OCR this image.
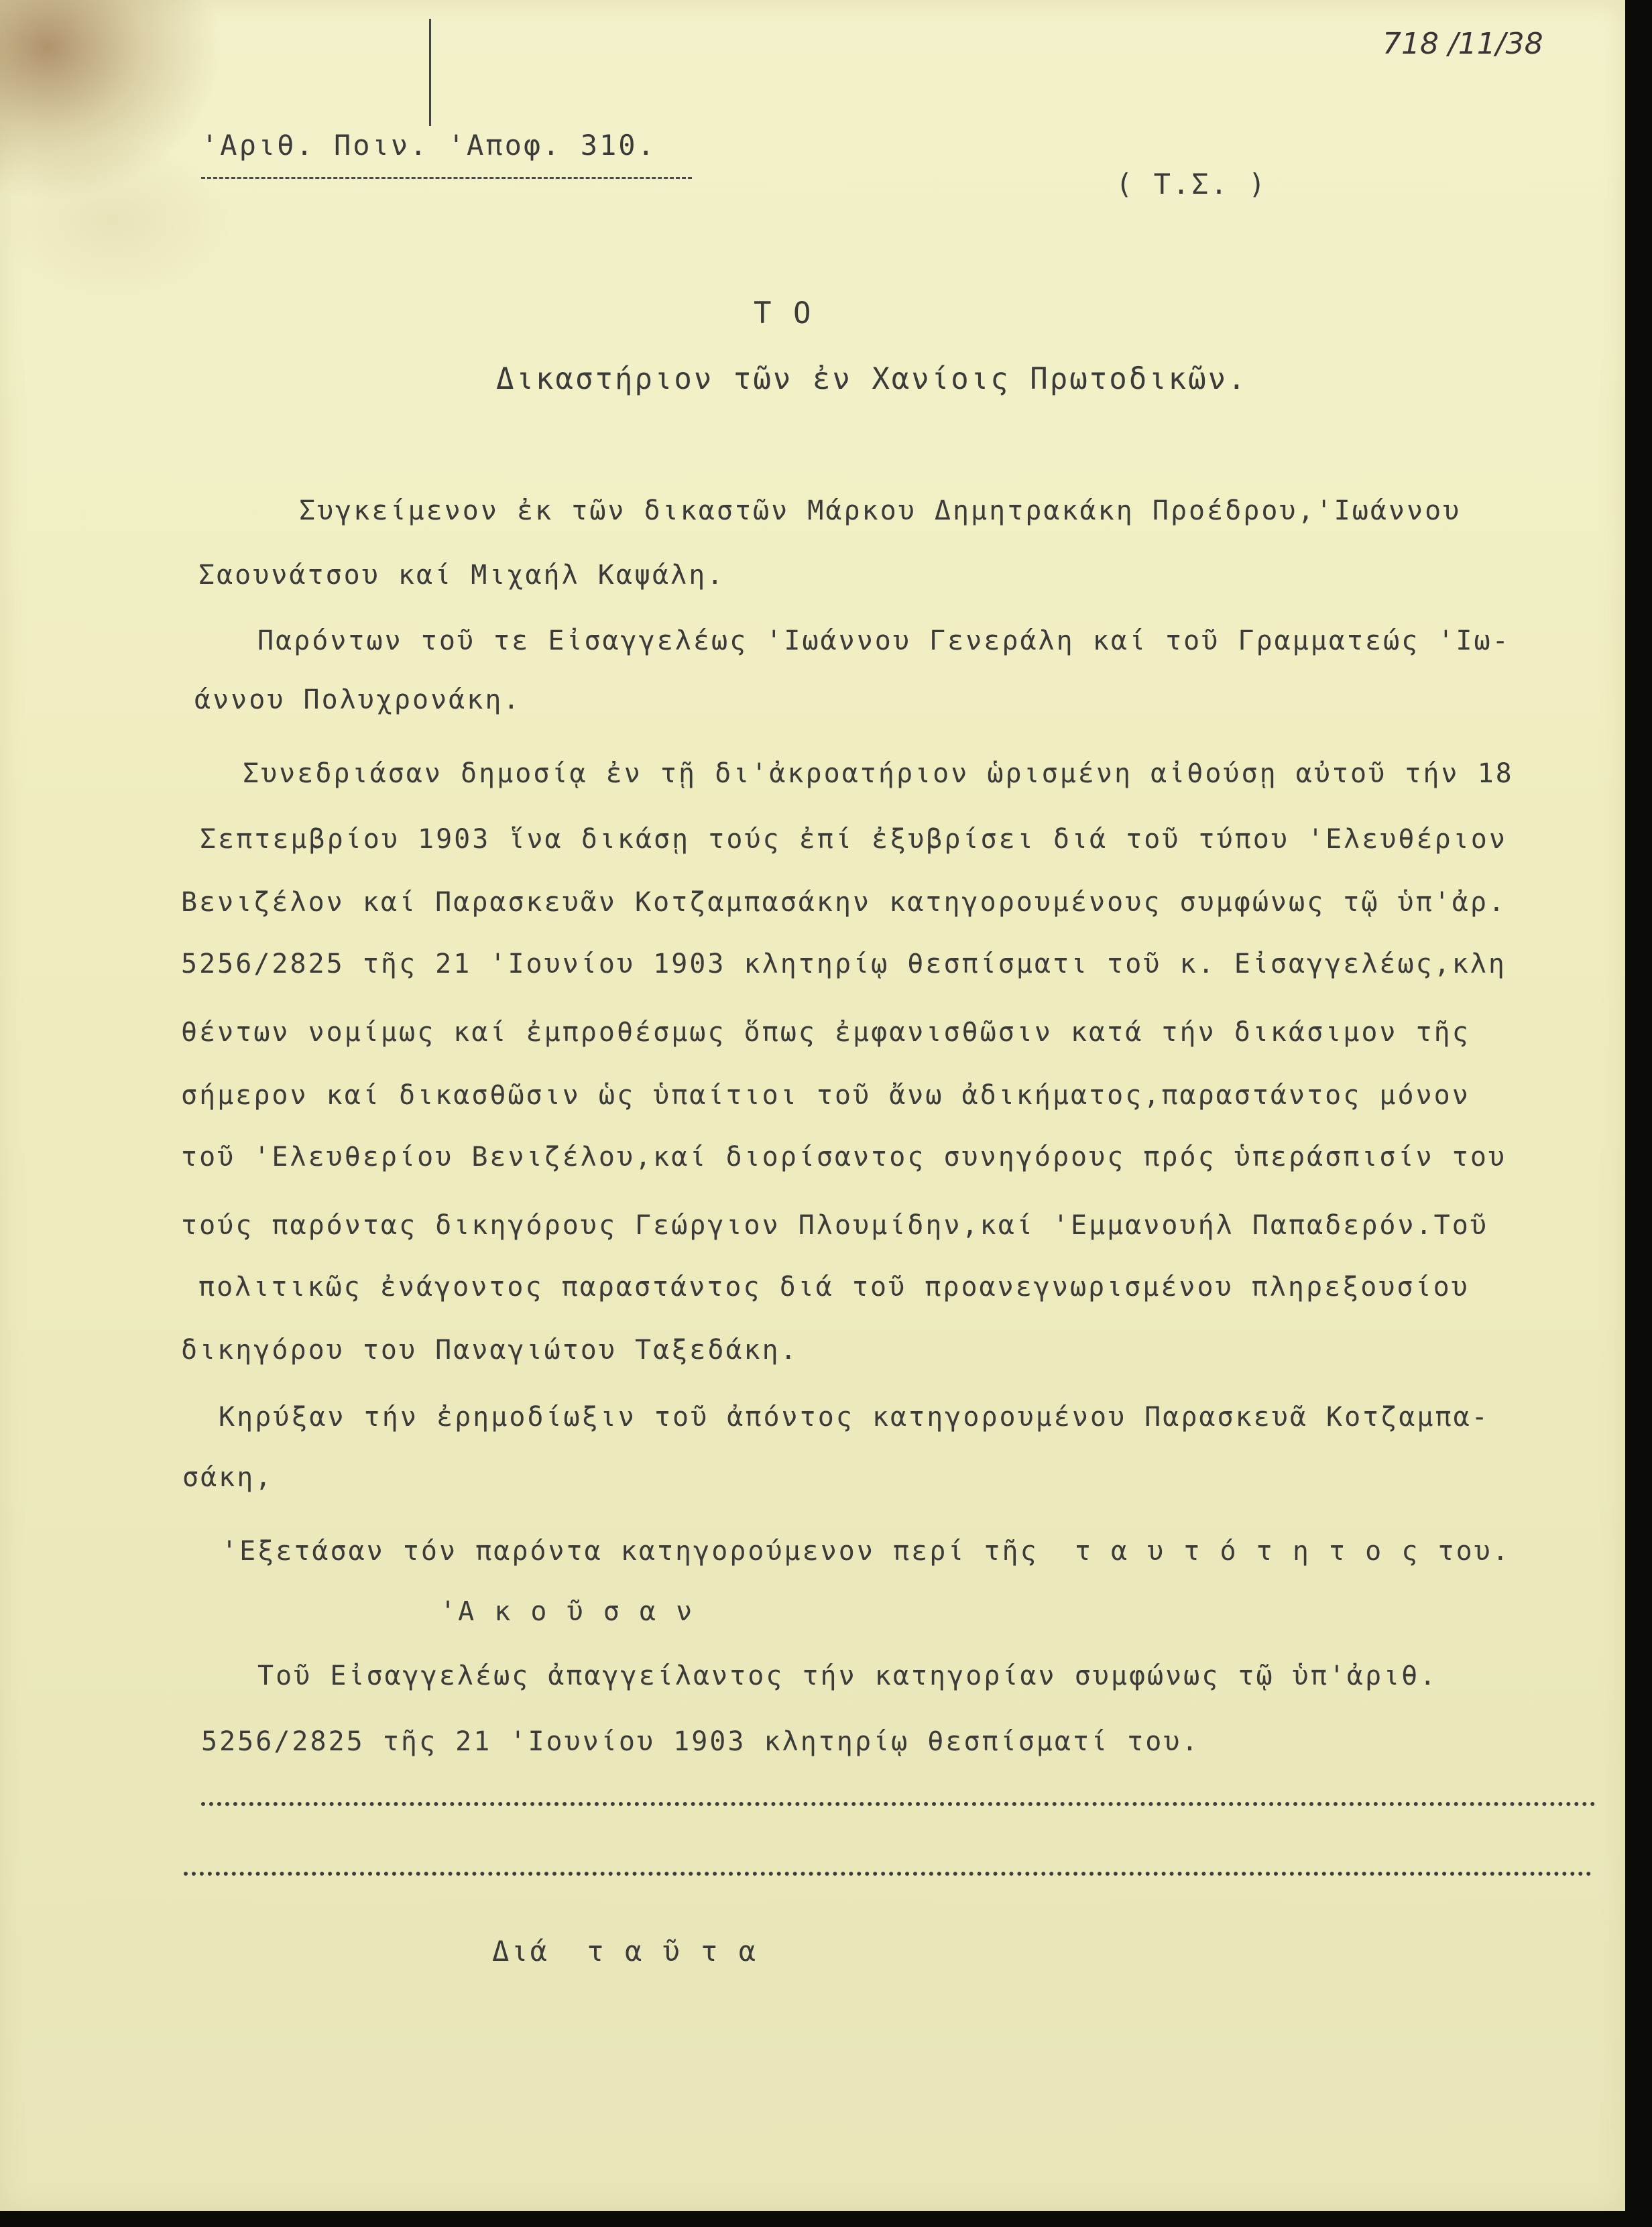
718 /11/38
'Αριθ. Ποιν. 'Αποφ. 310.
( Τ.Σ. )
Τ Ο
Δικαστήριον τῶν ἐν Χανίοις Πρωτοδικῶν.
Συγκείμενον ἐκ τῶν δικαστῶν Μάρκου Δημητρακάκη Προέδρου,'Ιωάννου
Σαουνάτσου καί Μιχαήλ Καψάλη.
Παρόντων τοῦ τε Εἰσαγγελέως 'Ιωάννου Γενεράλη καί τοῦ Γραμματεώς 'Ιω-
άννου Πολυχρονάκη.
Συνεδριάσαν δημοσίᾳ ἐν τῇ δι'ἀκροατήριον ὡρισμένη αἰθούσῃ αὐτοῦ τήν 18
Σεπτεμβρίου 1903 ἵνα δικάσῃ τούς ἐπί ἐξυβρίσει διά τοῦ τύπου 'Ελευθέριον
Βενιζέλον καί Παρασκευᾶν Κοτζαμπασάκην κατηγορουμένους συμφώνως τῷ ὑπ'ἀρ.
5256/2825 τῆς 21 'Ιουνίου 1903 κλητηρίῳ θεσπίσματι τοῦ κ. Εἰσαγγελέως,κλη
θέντων νομίμως καί ἐμπροθέσμως ὅπως ἐμφανισθῶσιν κατά τήν δικάσιμον τῆς
σήμερον καί δικασθῶσιν ὡς ὑπαίτιοι τοῦ ἄνω ἀδικήματος,παραστάντος μόνον
τοῦ 'Ελευθερίου Βενιζέλου,καί διορίσαντος συνηγόρους πρός ὑπεράσπισίν του
τούς παρόντας δικηγόρους Γεώργιον Πλουμίδην,καί 'Εμμανουήλ Παπαδερόν.Τοῦ
πολιτικῶς ἐνάγοντος παραστάντος διά τοῦ προανεγνωρισμένου πληρεξουσίου
δικηγόρου του Παναγιώτου Ταξεδάκη.
Κηρύξαν τήν ἐρημοδίωξιν τοῦ ἀπόντος κατηγορουμένου Παρασκευᾶ Κοτζαμπα-
σάκη,
'Εξετάσαν τόν παρόντα κατηγορούμενον περί τῆς  τ α υ τ ό τ η τ ο ς του.
'Α κ ο ῦ σ α ν
Τοῦ Εἰσαγγελέως ἀπαγγείλαντος τήν κατηγορίαν συμφώνως τῷ ὑπ'ἀριθ.
5256/2825 τῆς 21 'Ιουνίου 1903 κλητηρίῳ θεσπίσματί του.
Διά  τ α ῦ τ α
